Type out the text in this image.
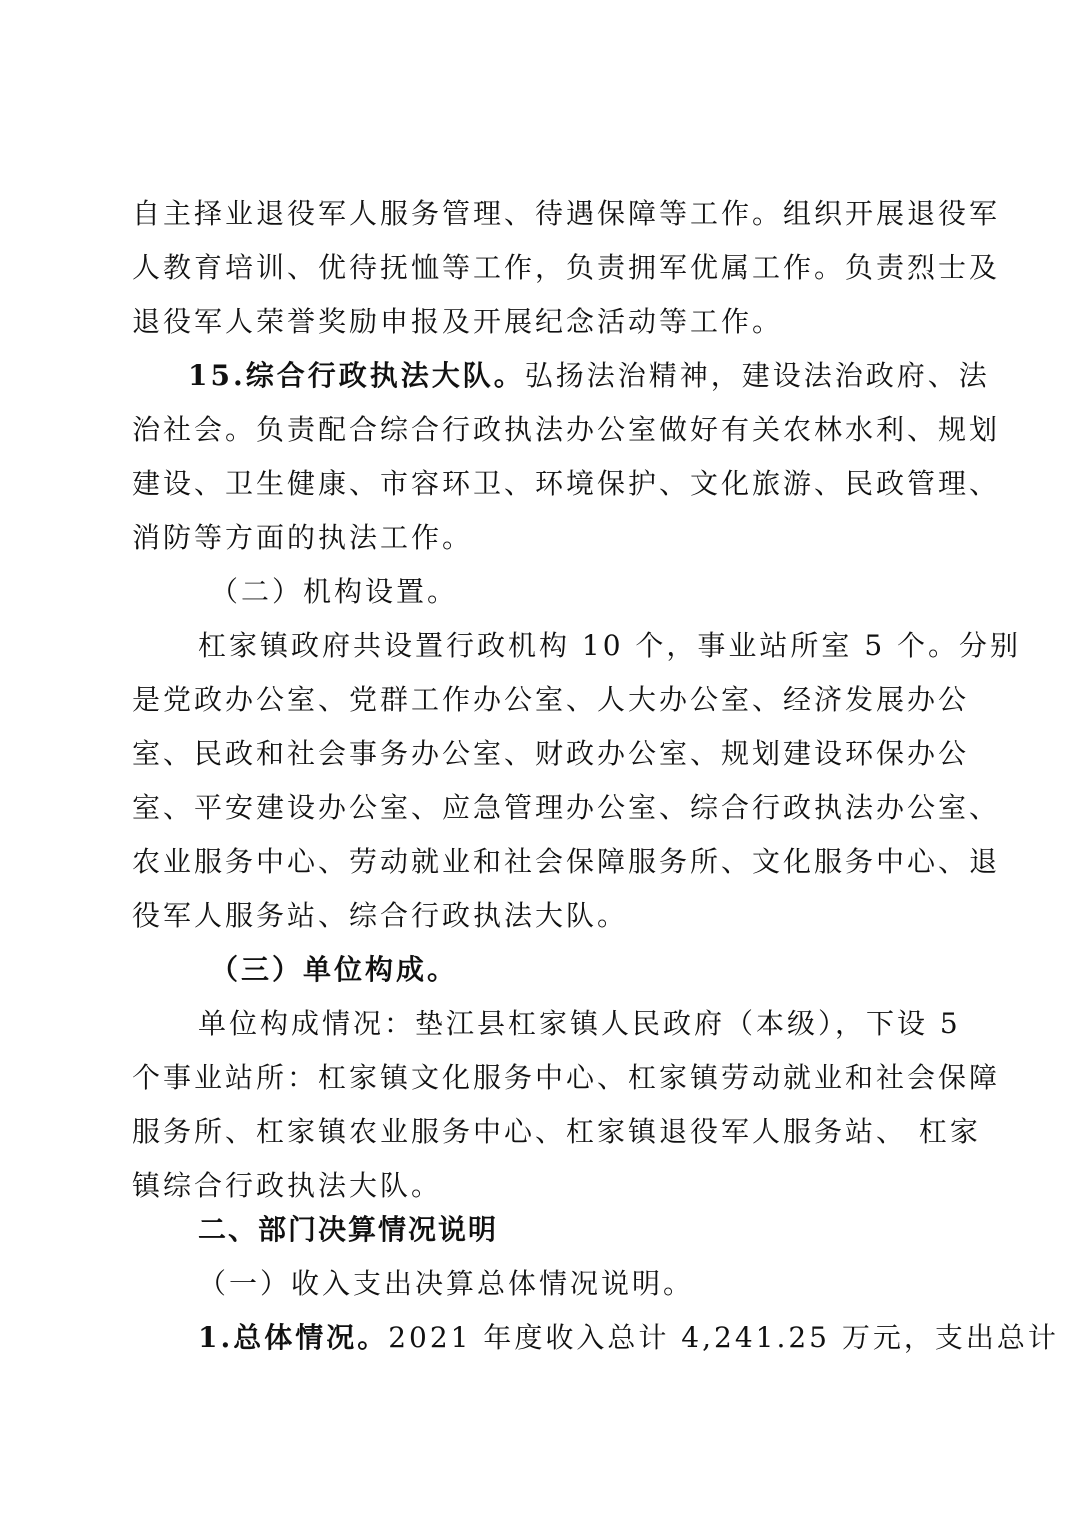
自主择业退役军人服务管理、待遇保障等工作。组织开展退役军
人教育培训、优待抚恤等工作，负责拥军优属工作。负责烈士及
退役军人荣誉奖励申报及开展纪念活动等工作。
15.综合行政执法大队。弘扬法治精神，建设法治政府、法
治社会。负责配合综合行政执法办公室做好有关农林水利、规划
建设、卫生健康、市容环卫、环境保护、文化旅游、民政管理、
消防等方面的执法工作。
（二）机构设置。
杠家镇政府共设置行政机构 10 个，事业站所室 5 个。分别
是党政办公室、党群工作办公室、人大办公室、经济发展办公
室、民政和社会事务办公室、财政办公室、规划建设环保办公
室、平安建设办公室、应急管理办公室、综合行政执法办公室、
农业服务中心、劳动就业和社会保障服务所、文化服务中心、退
役军人服务站、综合行政执法大队。
（三）单位构成。
单位构成情况：垫江县杠家镇人民政府（本级），下设 5
个事业站所：杠家镇文化服务中心、杠家镇劳动就业和社会保障
服务所、杠家镇农业服务中心、杠家镇退役军人服务站、 杠家
镇综合行政执法大队。
二、部门决算情况说明
（一）收入支出决算总体情况说明。
1.总体情况。2021 年度收入总计 4,241.25 万元，支出总计
